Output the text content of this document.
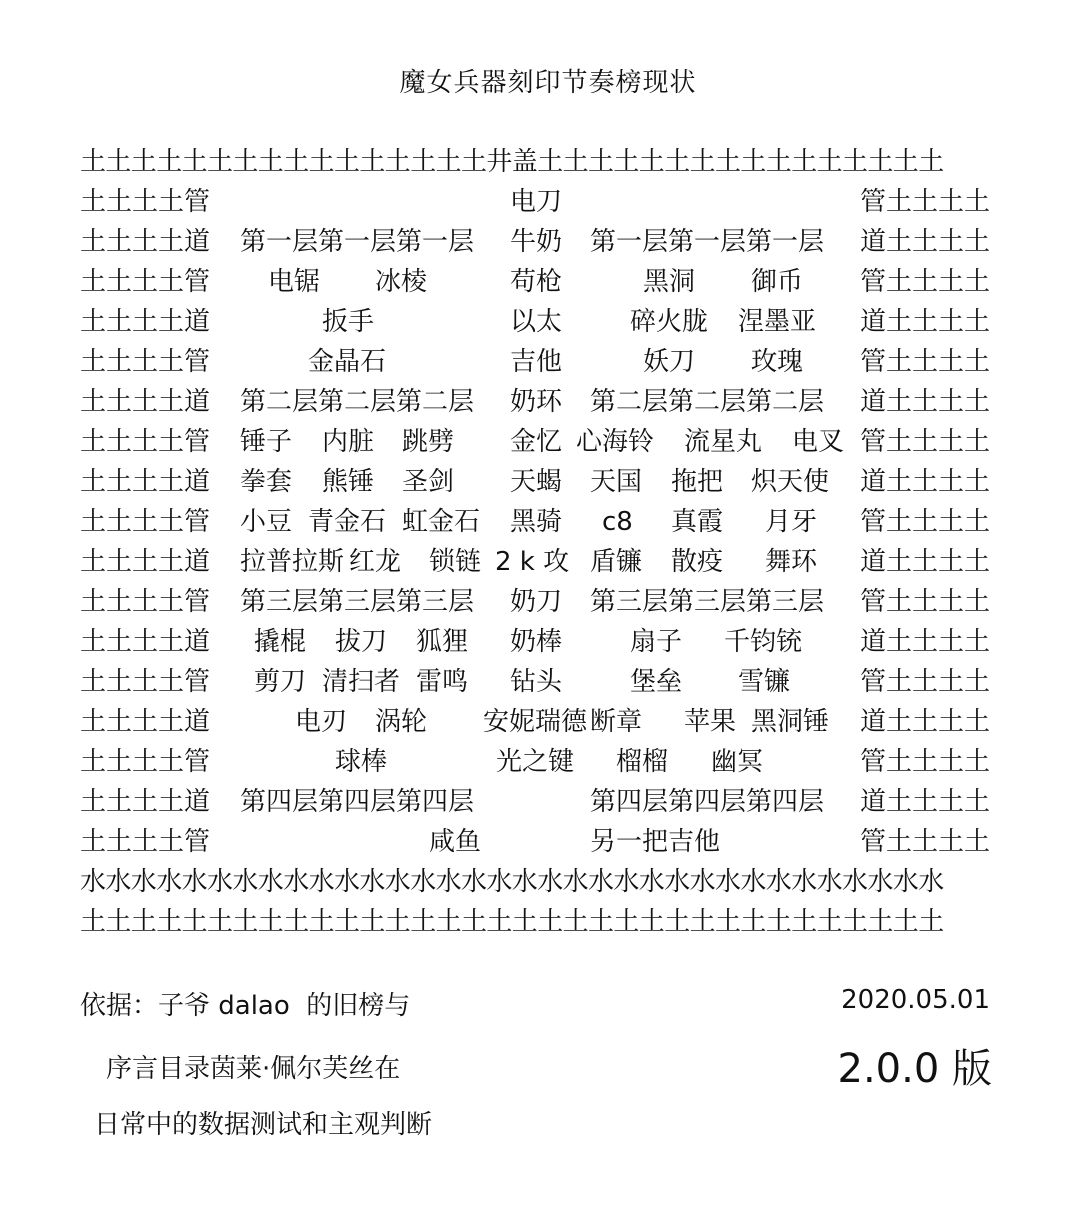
魔女兵器刻印节奏榜现状
土土土土土土土土土土土土土土土土井盖土土土土土土土土土土土土土土土土
土土土土管	电刀	管土土土土
土土土土道 第一层第一层第一层 牛奶 第一层第一层第一层 道土土土土
土土土土管 电锯 冰棱	苟枪	黑洞 御币 管土土土土
土土土土道	扳手	以太	碎火胧 涅墨亚 道土土土土
土土土土管	金晶石	吉他	妖刀 玫瑰 管土土土土
土土土土道 第二层第二层第二层 奶环 第二层第二层第二层 道土土土土
土土土土管 锤子 内脏 跳劈 金忆 心海铃 流星丸 电叉 管土土土土
土土土土道 拳套 熊锤 圣剑 天蝎 天国 拖把 炽天使 道土土土土
土土土土管 小豆 青金石 虹金石 黑骑 c8 真霞 月牙 管土土土土
土土土土道 拉普拉斯 红龙 锁链 2 k 攻 盾镰 散疫 舞环 道土土土土
土土土土管 第三层第三层第三层 奶刀 第三层第三层第三层 管土土土土
土土土土道 撬棍 拔刀 狐狸 奶棒	扇子 千钧铳 道土土土土
土土土土管 剪刀 清扫者 雷鸣 钻头	堡垒 雪镰	管土土土土
土土土土道	电刃 涡轮 安妮瑞德 断章 苹果 黑洞锤 道土土土土
土土土土管	球棒	光之键 榴榴 幽冥	管土土土土
土土土土道 第四层第四层第四层	第四层第四层第四层 道土土土土
土土土土管	咸鱼	另一把吉他	管土土土土
水水水水水水水水水水水水水水水水水水水水水水水水水水水水水水水水水水
土土土土土土土土土土土土土土土土土土土土土土土土土土土土土土土土土土
依据：子爷 dalao  的旧榜与
序言目录茵莱·佩尔芙丝在
日常中的数据测试和主观判断
2020.05.01
2.0.0 版
